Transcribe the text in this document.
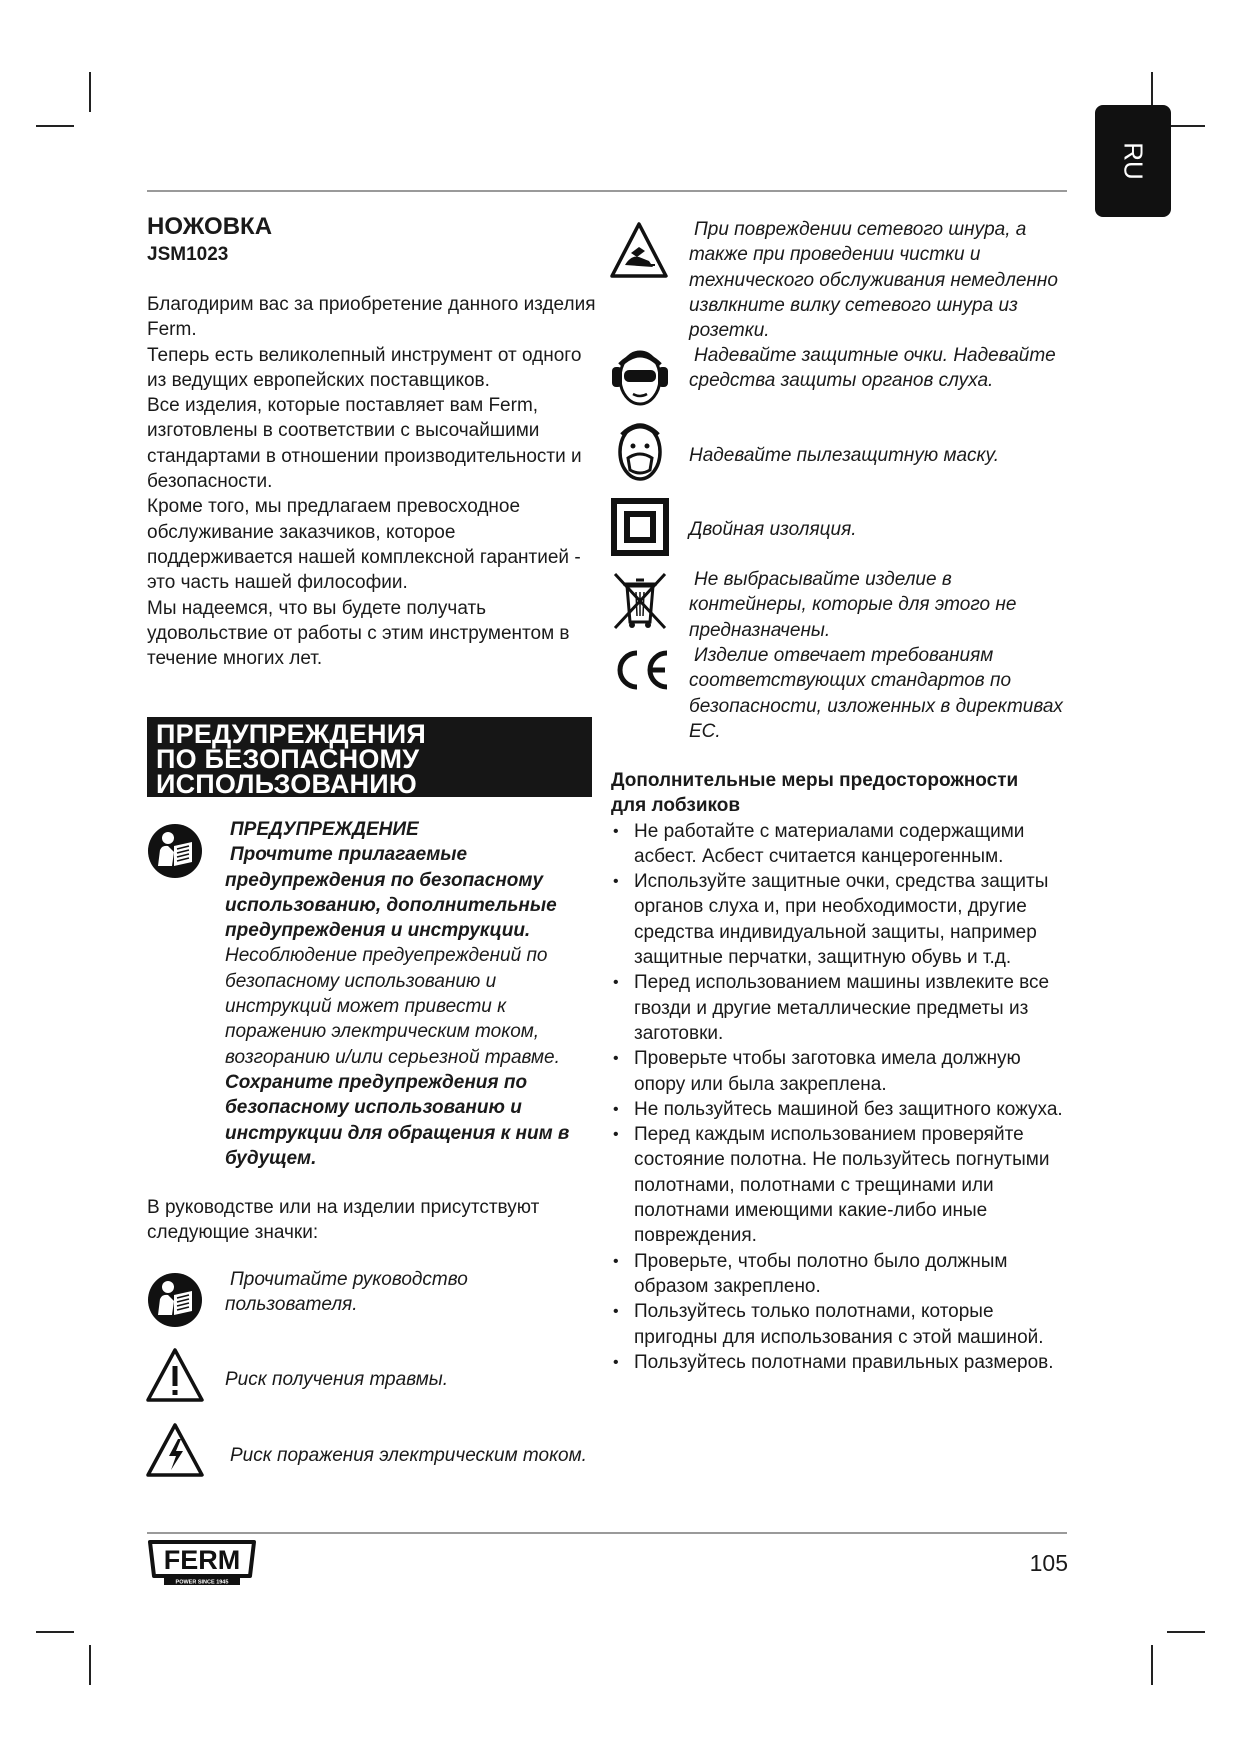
RU
НОЖОВКА
JSM1023

Благодирим вас за приобретение данного изделия Ferm.

Теперь есть великолепный инструмент от одного из ведущих европейских поставщиков.

Все изделия, которые поставляет вам Ferm, изготовлены в соответствии с высочайшими стандартами в отношении производительности и безопасности.

Кроме того, мы предлагаем превосходное обслуживание заказчиков, которое поддерживается нашей комплексной гарантией - это часть нашей философии.

Мы надеемся, что вы будете получать удовольствие от работы с этим инструментом в течение многих лет.

ПРЕДУПРЕЖДЕНИЯ
ПО БЕЗОПАСНОМУ
ИСПОЛЬЗОВАНИЮ
ПРЕДУПРЕЖДЕНИЕ
Прочтите прилагаемые предупреждения по безопасному использованию, дополнительные предупреждения и инструкции.
Несоблюдение предуепреждений по безопасному использованию и инструкций может привести к поражению электрическим током, возгоранию и/или серьезной травме.
Сохраните предупреждения по безопасному использованию и инструкции для обращения к ним в будущем.
В руководстве или на изделии присутствуют следующие значки:
Прочитайте руководство пользователя.
Риск получения травмы.
Риск поражения электрическим током.
При повреждении сетевого шнура, а также при проведении чистки и технического обслуживания немедленно извлкните вилку сетевого шнура из розетки.
Надевайте защитные очки. Надевайте средства защиты органов слуха.
Надевайте пылезащитную маску.
Двойная изоляция.
Не выбрасывайте изделие в контейнеры, которые для этого не предназначены.
Изделие отвечает требованиям соответствующих стандартов по безопасности, изложенных в директивах ЕС.
Дополнительные меры предосторожности для лобзиков
• Не работайте с материалами содержащими асбест. Асбест считается канцерогенным.
• Используйте защитные очки, средства защиты органов слуха и, при необходимости, другие средства индивидуальной защиты, например защитные перчатки, защитную обувь и т.д.
• Перед использованием машины извлеките все гвозди и другие металлические предметы из заготовки.
• Проверьте чтобы заготовка имела должную опору или была закреплена.
• Не пользуйтесь машиной без защитного кожуха.
• Перед каждым использованием проверяйте состояние полотна. Не пользуйтесь погнутыми полотнами, полотнами с трещинами или полотнами имеющими какие-либо иные повреждения.
• Проверьте, чтобы полотно было должным образом закреплено.
• Пользуйтесь только полотнами, которые пригодны для использования с этой машиной.
• Пользуйтесь полотнами правильных размеров.
FERM
POWER SINCE 1945
105
